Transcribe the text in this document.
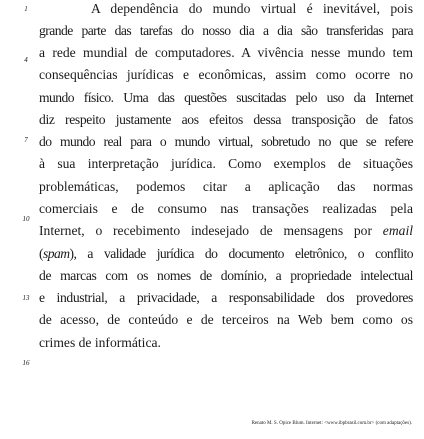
1
4
7
10
13
16
A dependência do mundo virtual é inevitável, pois
grande parte das tarefas do nosso dia a dia são transferidas para
a rede mundial de computadores. A vivência nesse mundo tem
consequências jurídicas e econômicas, assim como ocorre no
mundo físico. Uma das questões suscitadas pelo uso da Internet
diz respeito justamente aos efeitos dessa transposição de fatos
do mundo real para o mundo virtual, sobretudo no que se refere
à sua interpretação jurídica. Como exemplos de situações
problemáticas, podemos citar a aplicação das normas
comerciais e de consumo nas transações realizadas pela
Internet, o recebimento indesejado de mensagens por email
(spam), a validade jurídica do documento eletrônico, o conflito
de marcas com os nomes de domínio, a propriedade intelectual
e industrial, a privacidade, a responsabilidade dos provedores
de acesso, de conteúdo e de terceiros na Web bem como os
crimes de informática.
Renato M. S. Opice Blum. Internet: <www.ibpbrasil.com.br> (com adaptações).
